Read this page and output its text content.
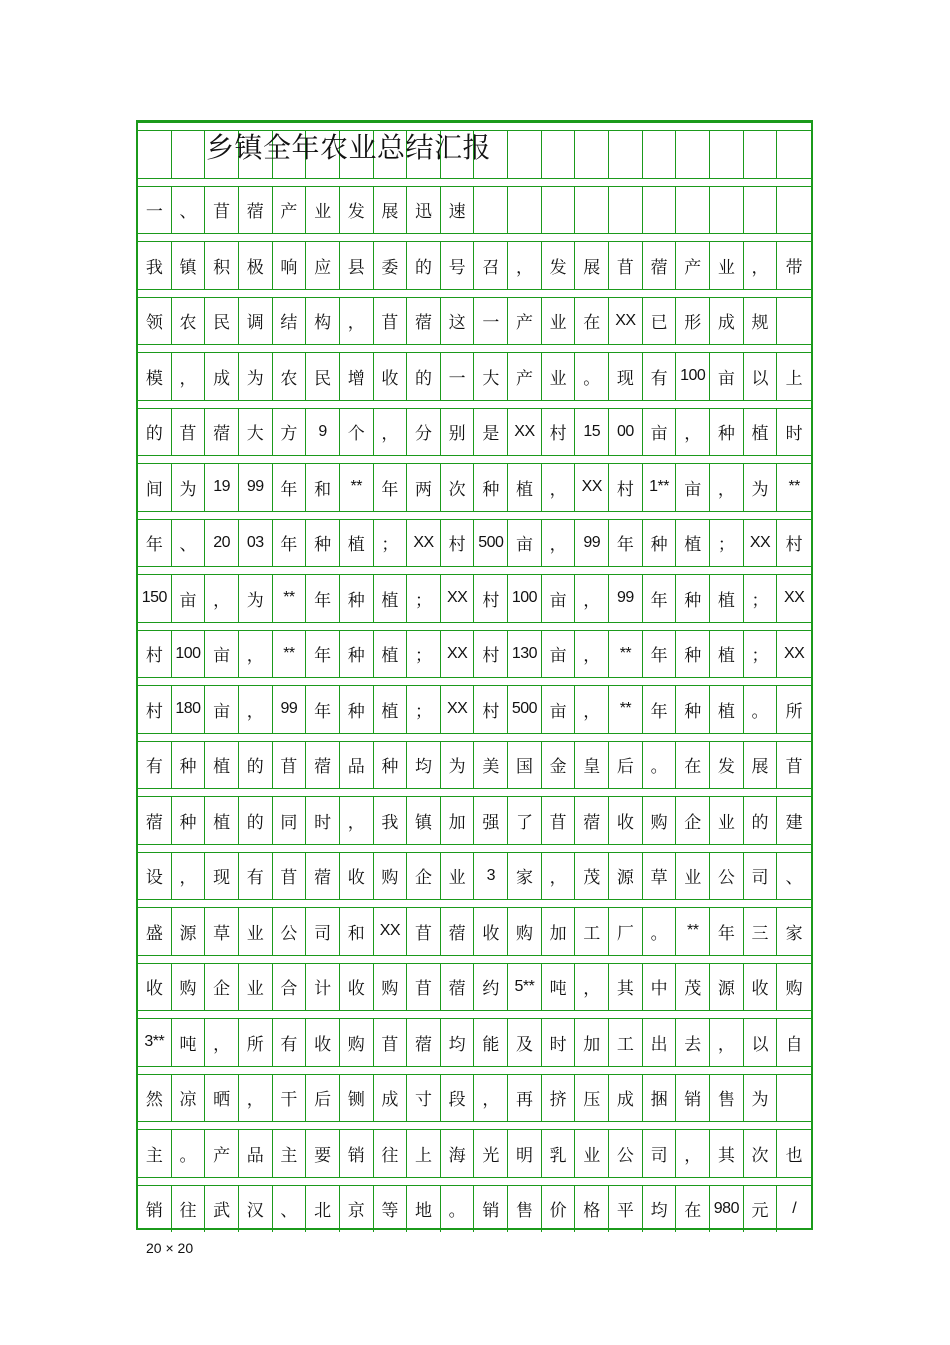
乡镇全年农业总结汇报
一 、 苜 蓿 产 业 发 展 迅 速
我 镇 积 极 响 应 县 委 的 号 召 ， 发 展 苜 蓿 产 业 ，	带
领 农 民 调 结 构 ， 苜 蓿 这 一 产 业 在 XX 已 形 成 规
模 ， 成 为 农 民 增 收 的 一 大 产 业 。 现 有 100 亩 以	上
的 苜 蓿 大 方	9	个 ， 分 别 是 XX 村	15	00 亩 ， 种 植	时
间 为	19	99 年 和	**	年 两 次 种 植 ， XX 村 1** 亩 ， 为	**
年 、	20	03 年 种 植 ； XX 村 500 亩 ，	99 年 种 植 ； XX 村
150 亩 ， 为	**	年 种 植 ； XX 村 100 亩 ，	99 年 种 植 ； XX
村 100 亩 ，	**	年 种 植 ； XX 村 130 亩 ，	**	年 种 植 ； XX
村 180 亩 ，	99 年 种 植 ； XX 村 500 亩 ，	**	年 种 植 。	所
有 种 植 的 苜 蓿 品 种 均 为 美 国 金 皇 后 。 在 发 展	苜
蓿 种 植 的 同 时 ， 我 镇 加 强 了 苜 蓿 收 购 企 业 的	建
设 ， 现 有 苜 蓿 收 购 企 业	3	家 ， 茂 源 草 业 公 司	、
盛 源 草 业 公 司 和 XX 苜 蓿 收 购 加 工 厂 。	**	年 三	家
收 购 企 业 合 计 收 购 苜 蓿 约 5** 吨 ， 其 中 茂 源 收	购
3** 吨 ， 所 有 收 购 苜 蓿 均 能 及 时 加 工 出 去 ， 以	自
然 凉 晒 ， 干 后 铡 成 寸 段 ， 再 挤 压 成 捆 销 售 为
主 。 产 品 主 要 销 往 上 海 光 明 乳 业 公 司 ， 其 次	也
销 往 武 汉 、 北 京 等 地 。 销 售 价 格 平 均 在 980 元	/
20 × 20
